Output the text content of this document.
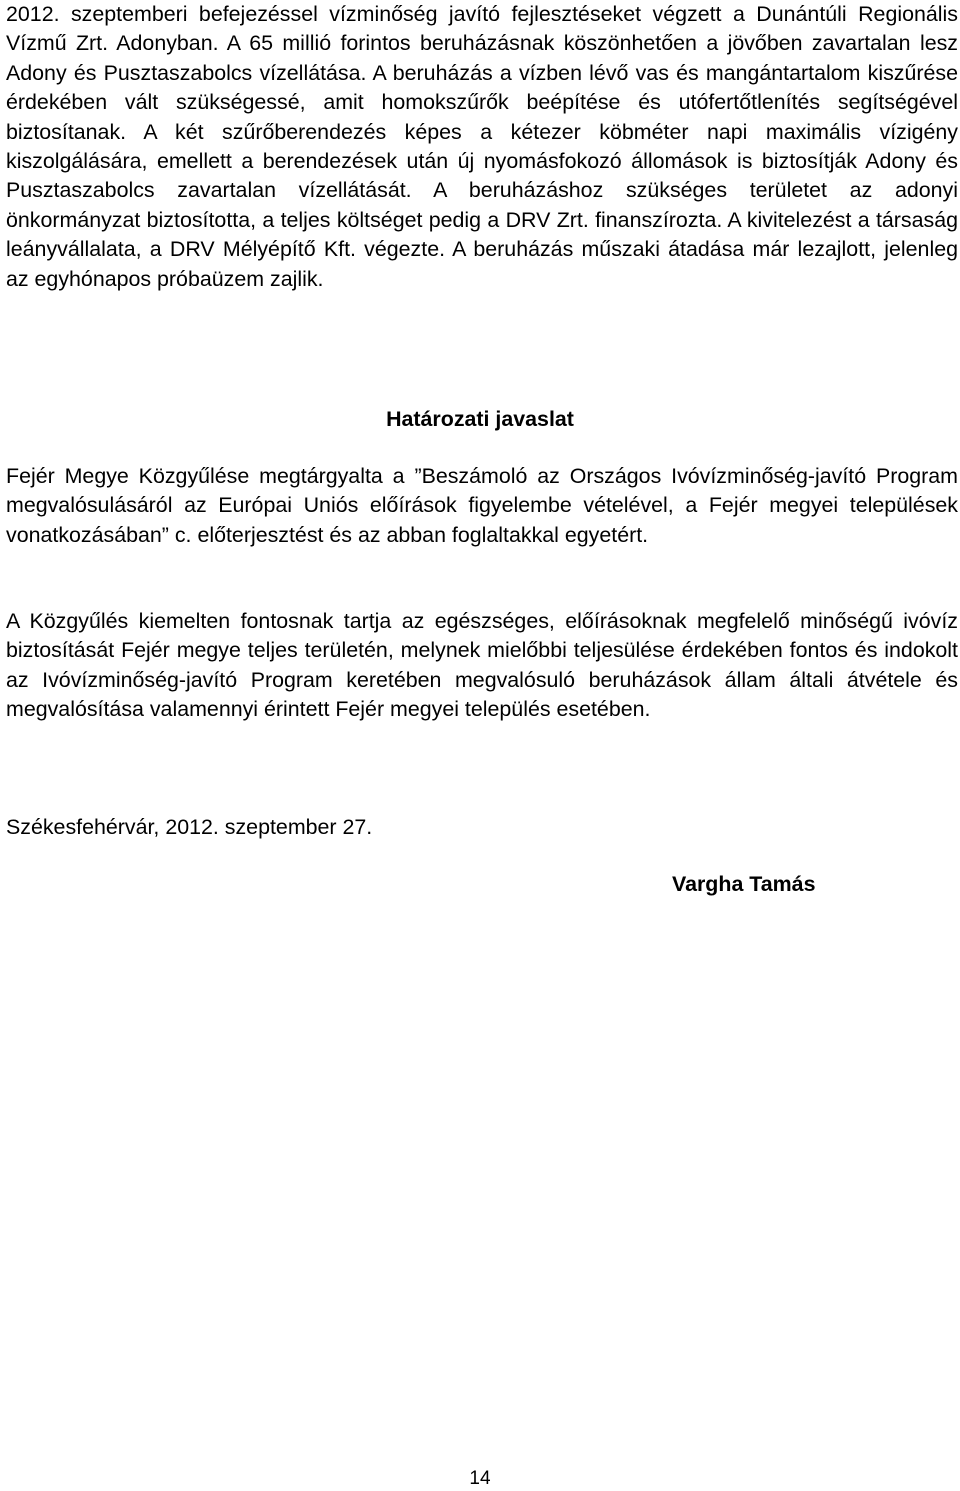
2012. szeptemberi befejezéssel vízminőség javító fejlesztéseket végzett a Dunántúli Regionális Vízmű Zrt. Adonyban. A 65 millió forintos beruházásnak köszönhetően a jövőben zavartalan lesz Adony és Pusztaszabolcs vízellátása. A beruházás a vízben lévő vas és mangántartalom kiszűrése érdekében vált szükségessé, amit homokszűrők beépítése és utófertőtlenítés segítségével biztosítanak. A két szűrőberendezés képes a kétezer köbméter napi maximális vízigény kiszolgálására, emellett a berendezések után új nyomásfokozó állomások is biztosítják Adony és Pusztaszabolcs zavartalan vízellátását. A beruházáshoz szükséges területet az adonyi önkormányzat biztosította, a teljes költséget pedig a DRV Zrt. finanszírozta. A kivitelezést a társaság leányvállalata, a DRV Mélyépítő Kft. végezte. A beruházás műszaki átadása már lezajlott, jelenleg az egyhónapos próbaüzem zajlik.

Határozati javaslat

Fejér Megye Közgyűlése megtárgyalta a ”Beszámoló az Országos Ivóvízminőség-javító Program megvalósulásáról az Európai Uniós előírások figyelembe vételével, a Fejér megyei települések vonatkozásában” c. előterjesztést és az abban foglaltakkal egyetért.

A Közgyűlés kiemelten fontosnak tartja az egészséges, előírásoknak megfelelő minőségű ivóvíz biztosítását Fejér megye teljes területén, melynek mielőbbi teljesülése érdekében fontos és indokolt az Ivóvízminőség-javító Program keretében megvalósuló beruházások állam általi átvétele és megvalósítása valamennyi érintett Fejér megyei település esetében.

Székesfehérvár, 2012. szeptember 27.

Vargha Tamás

14
